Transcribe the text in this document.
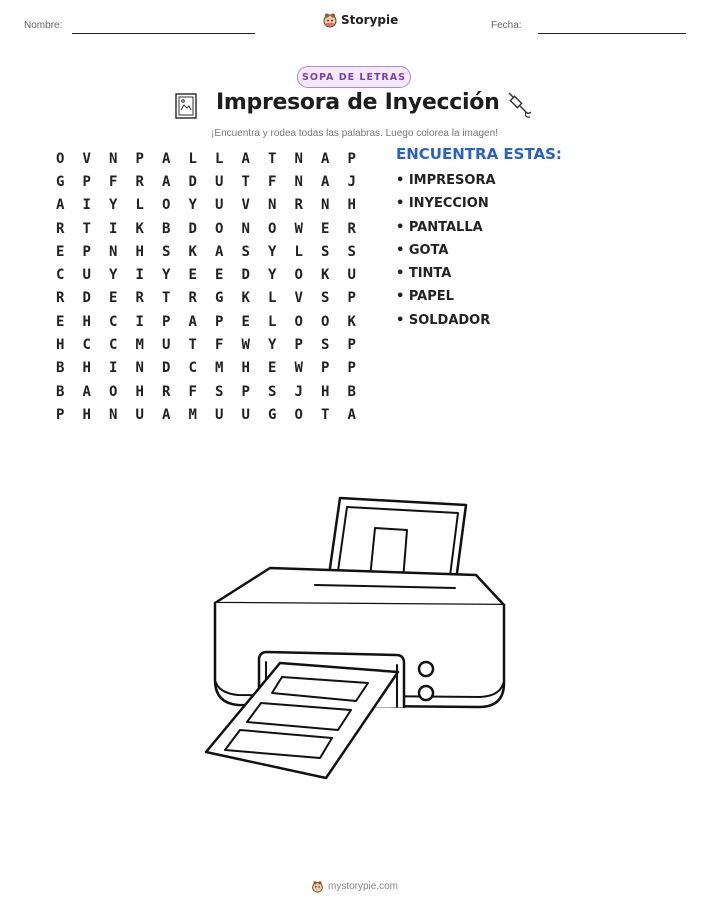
Nombre:	Storypie	Fecha:
SOPA DE LETRAS
Impresora de Inyección
¡Encuentra y rodea todas las palabras. Luego colorea la imagen!
O	V	N	P	A	L	L	A	T	N	A	P
G	P	F	R	A	D	U	T	F	N	A	J
A	I	Y	L	O	Y	U	V	N	R	N	H
R	T	I	K	B	D	O	N	O	W	E	R
E	P	N	H	S	K	A	S	Y	L	S	S
C	U	Y	I	Y	E	E	D	Y	O	K	U
R	D	E	R	T	R	G	K	L	V	S	P
E	H	C	I	P	A	P	E	L	O	O	K
H	C	C	M	U	T	F	W	Y	P	S	P
B	H	I	N	D	C	M	H	E	W	P	P
B	A	O	H	R	F	S	P	S	J	H	B
P	H	N	U	A	M	U	U	G	O	T	A
ENCUENTRA ESTAS:
• IMPRESORA
• INYECCION
• PANTALLA
• GOTA
• TINTA
• PAPEL
• SOLDADOR
mystorypie.com
